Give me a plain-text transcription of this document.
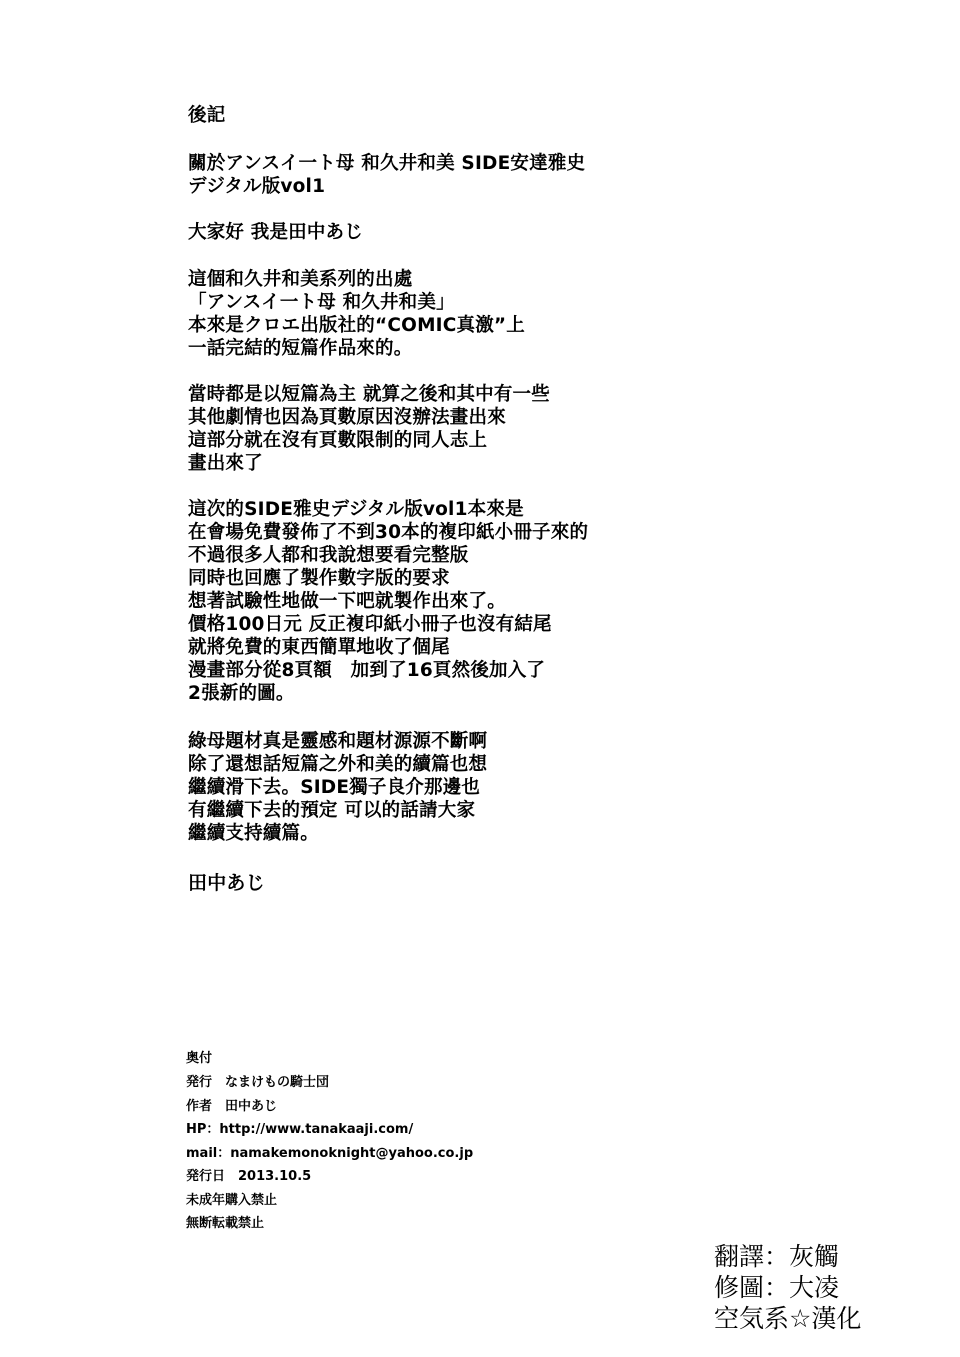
後記
關於アンスイ一ト母 和久井和美 SIDE安達雅史
デジタル版vol1
大家好 我是田中あじ
這個和久井和美系列的出處
「アンスイ一ト母 和久井和美」
本來是クロエ出版社的“COMIC真激”上
一話完結的短篇作品來的。
當時都是以短篇為主 就算之後和其中有一些
其他劇情也因為頁數原因沒辦法畫出來
這部分就在沒有頁數限制的同人志上
畫出來了
這次的SIDE雅史デジタル版vol1本來是
在會場免費發佈了不到30本的複印紙小冊子來的
不過很多人都和我說想要看完整版
同時也回應了製作數字版的要求
想著試驗性地做一下吧就製作出來了。
價格100日元 反正複印紙小冊子也沒有結尾
就將免費的東西簡單地收了個尾
漫畫部分從8頁額　加到了16頁然後加入了
2張新的圖。
綠母題材真是靈感和題材源源不斷啊
除了還想話短篇之外和美的續篇也想
繼續滑下去。SIDE獨子良介那邊也
有繼續下去的預定 可以的話請大家
繼續支持續篇。
田中あじ
奥付
発行　なまけもの騎士団
作者　田中あじ
HP：http://www.tanakaaji.com/
mail：namakemonoknight@yahoo.co.jp
発行日　2013.10.5
未成年購入禁止
無断転載禁止
翻譯：灰觸
修圖：大凌
空気系☆漢化
